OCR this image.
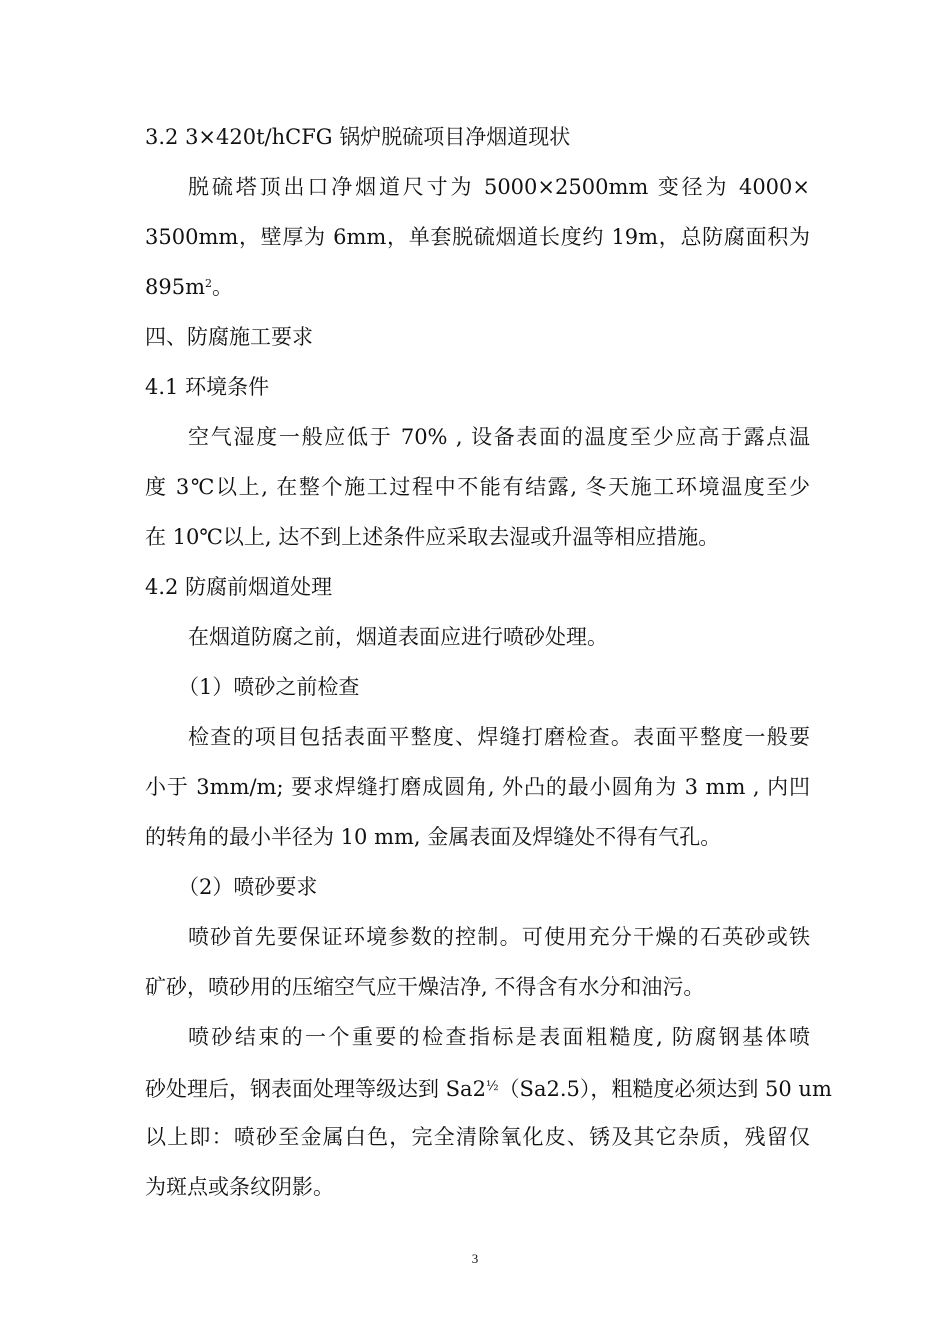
3.2 3×420t/hCFG 锅炉脱硫项目净烟道现状
脱硫塔顶出口净烟道尺寸为 5000×2500mm 变径为 4000×
3500mm，壁厚为 6mm，单套脱硫烟道长度约 19m，总防腐面积为
$895m^2$。
四、防腐施工要求
4.1 环境条件
空气湿度一般应低于 70% , 设备表面的温度至少应高于露点温
度 3℃以上, 在整个施工过程中不能有结露, 冬天施工环境温度至少
在 10℃以上, 达不到上述条件应采取去湿或升温等相应措施。
4.2 防腐前烟道处理
在烟道防腐之前，烟道表面应进行喷砂处理。
（1）喷砂之前检查
检查的项目包括表面平整度、焊缝打磨检查。表面平整度一般要
小于 3mm/m; 要求焊缝打磨成圆角, 外凸的最小圆角为 3 mm , 内凹
的转角的最小半径为 10 mm, 金属表面及焊缝处不得有气孔。
（2）喷砂要求
喷砂首先要保证环境参数的控制。可使用充分干燥的石英砂或铁
矿砂，喷砂用的压缩空气应干燥洁净, 不得含有水分和油污。
喷砂结束的一个重要的检查指标是表面粗糙度, 防腐钢基体喷
砂处理后，钢表面处理等级达到 $Sa2^{\frac{1}{2}}(Sa2.5)$，粗糙度必须达到 50 um
以上即：喷砂至金属白色，完全清除氧化皮、锈及其它杂质，残留仅
为斑点或条纹阴影。
3
